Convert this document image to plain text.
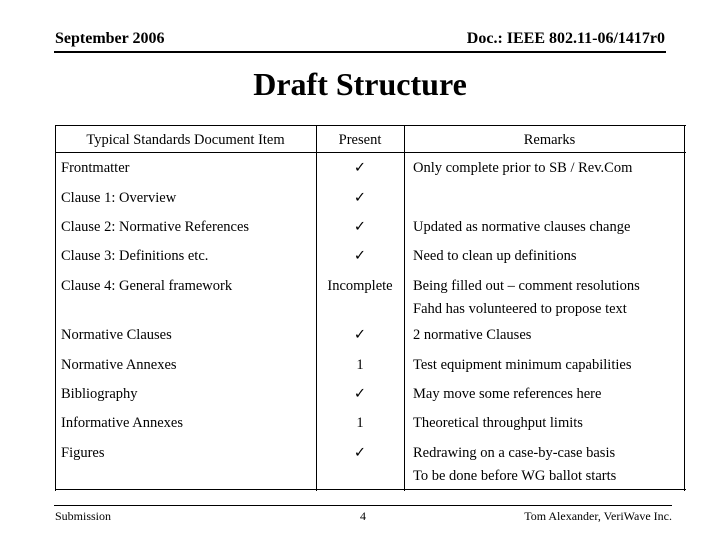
September 2006	Doc.: IEEE 802.11-06/1417r0
Draft Structure
Typical Standards Document Item	Present	Remarks
Frontmatter	✓	Only complete prior to SB / Rev.Com
Clause 1: Overview	✓
Clause 2: Normative References	✓	Updated as normative clauses change
Clause 3: Definitions etc.	✓	Need to clean up definitions
Clause 4: General framework	Incomplete	Being filled out – comment resolutions
Fahd has volunteered to propose text
Normative Clauses	✓	2 normative Clauses
Normative Annexes	1	Test equipment minimum capabilities
Bibliography	✓	May move some references here
Informative Annexes	1	Theoretical throughput limits
Figures	✓	Redrawing on a case-by-case basis
To be done before WG ballot starts
Submission	4	Tom Alexander, VeriWave Inc.
